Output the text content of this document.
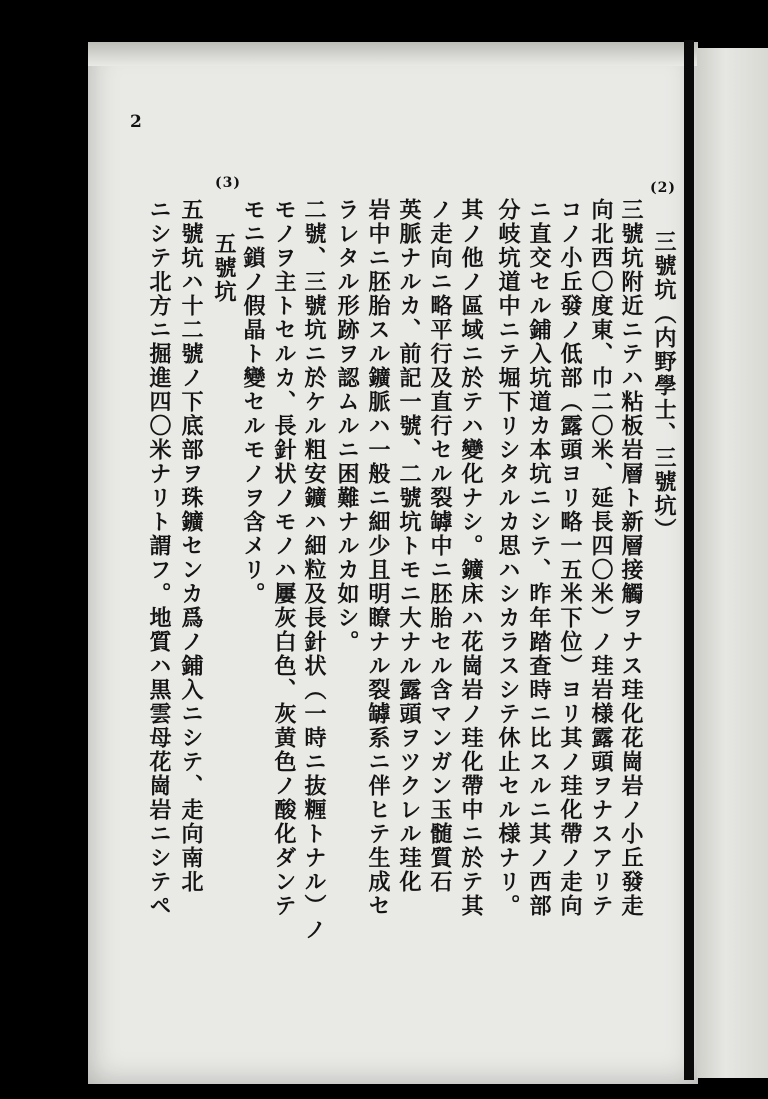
2
(2)
(3)
三號坑（内野學士、三號坑）
三號坑附近ニテハ粘板岩層ト新層接觸ヲナス珪化花崗岩ノ小丘發走
向北西〇度東、巾二〇米、延長四〇米）ノ珪岩様露頭ヲナスアリテ
コノ小丘發ノ低部（露頭ヨリ略一五米下位）ヨリ其ノ珪化帶ノ走向
ニ直交セル鋪入坑道カ本坑ニシテ、昨年踏査時ニ比スルニ其ノ西部
分岐坑道中ニテ堀下リシタルカ思ハシカラスシテ休止セル様ナリ。
其ノ他ノ區域ニ於テハ變化ナシ。鑛床ハ花崗岩ノ珪化帶中ニ於テ其
ノ走向ニ略平行及直行セル裂罅中ニ胚胎セル含マンガン玉髄質石
英脈ナルカ、前記一號、二號坑トモニ大ナル露頭ヲツクレル珪化
岩中ニ胚胎スル鑛脈ハ一般ニ細少且明瞭ナル裂罅系ニ伴ヒテ生成セ
ラレタル形跡ヲ認ムルニ困難ナルカ如シ。
二號、三號坑ニ於ケル粗安鑛ハ細粒及長針状（一時ニ抜糎トナル）ノ
モノヲ主トセルカ、長針状ノモノハ屢灰白色、灰黄色ノ酸化ダンテ
モニ鎖ノ假晶ト變セルモノヲ含メリ。
五號坑
五號坑ハ十二號ノ下底部ヲ珠鑛センカ爲ノ鋪入ニシテ、走向南北
ニシテ北方ニ掘進四〇米ナリト謂フ。地質ハ黒雲母花崗岩ニシテペ
